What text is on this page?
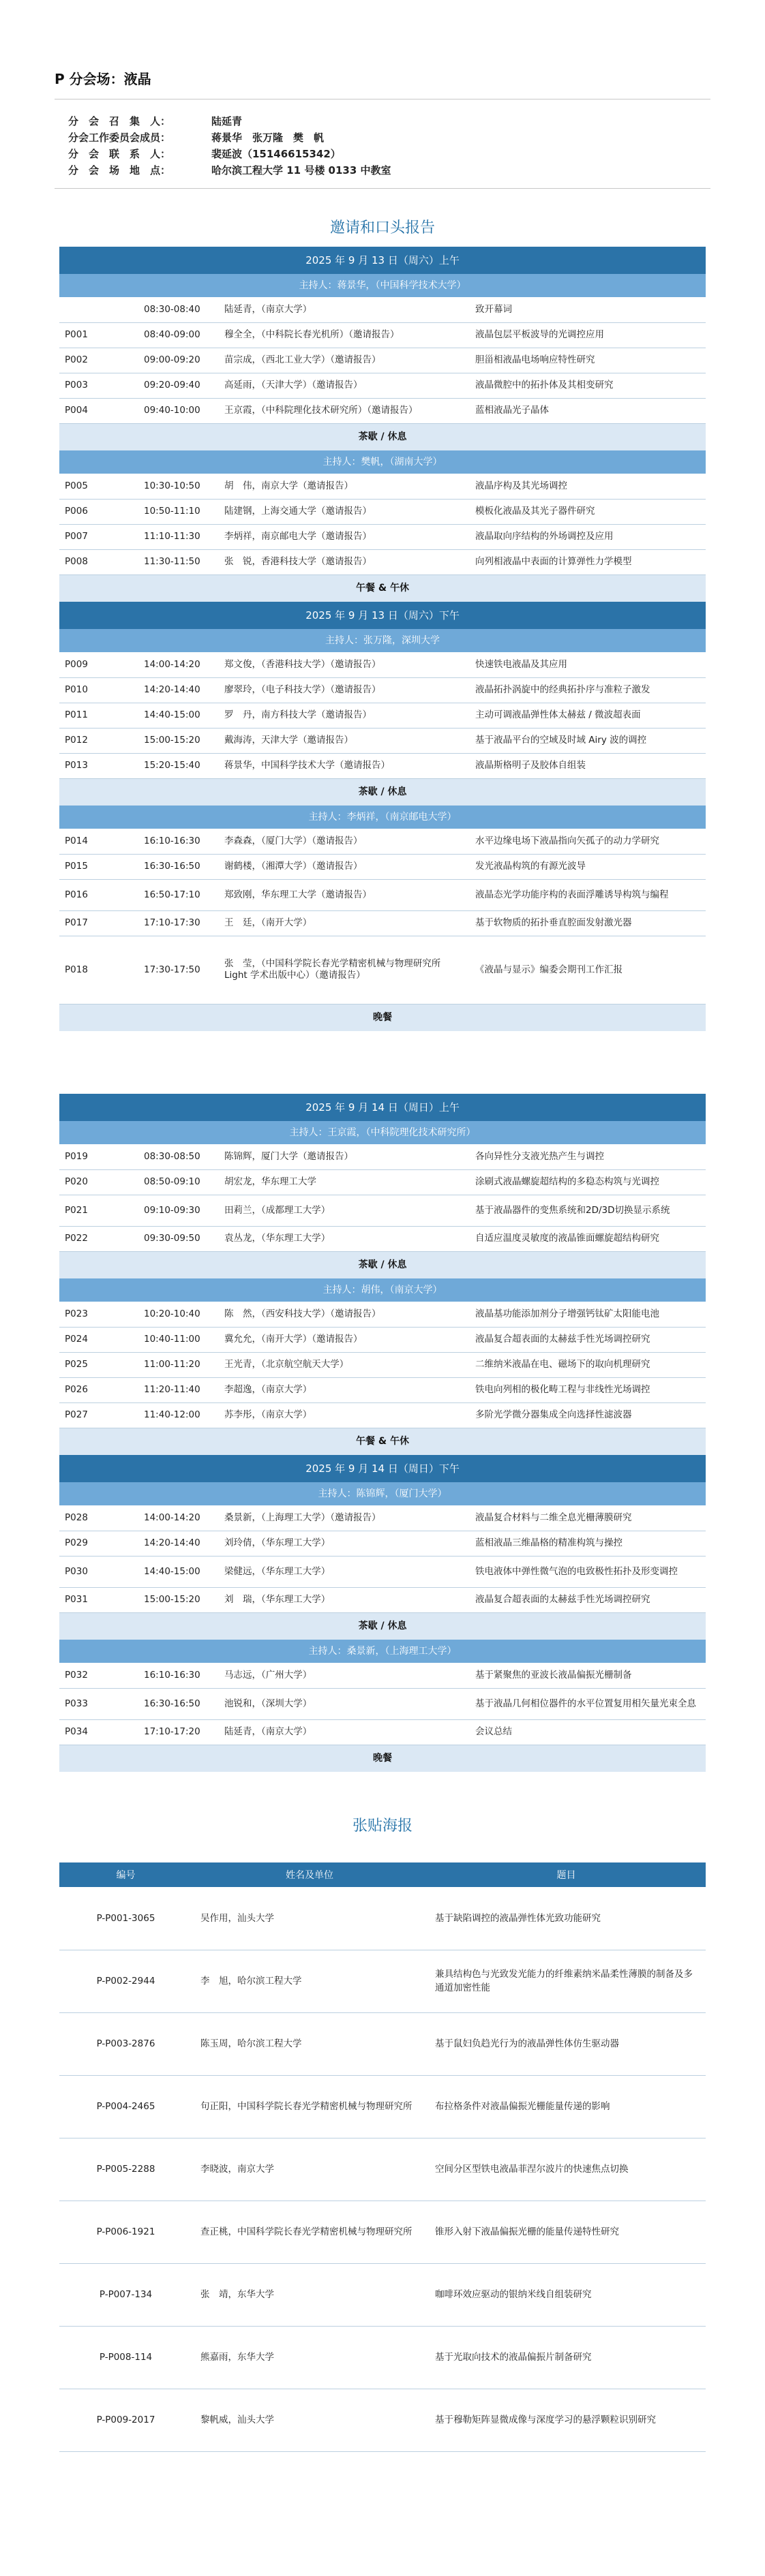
P 分会场：液晶
分　会　召　集　人：	陆延青
分会工作委员会成员：	蒋景华　张万隆　樊　帆
分　会　联　系　人：	裴延波（15146615342）
分　会　场　地　点：	哈尔滨工程大学 11 号楼 0133 中教室
邀请和口头报告
2025 年 9 月 13 日（周六）上午			
主持人：蒋景华，（中国科学技术大学）			
	08:30-08:40	陆延青，（南京大学）	致开幕词
P001	08:40-09:00	穆全全，（中科院长春光机所）（邀请报告）	液晶包层平板波导的光调控应用
P002	09:00-09:20	苗宗成，（西北工业大学）（邀请报告）	胆甾相液晶电场响应特性研究
P003	09:20-09:40	高延雨，（天津大学）（邀请报告）	液晶微腔中的拓扑体及其相变研究
P004	09:40-10:00	王京霞，（中科院理化技术研究所）（邀请报告）	蓝相液晶光子晶体
茶歇 / 休息			
主持人：樊帆，（湖南大学）			
P005	10:30-10:50	胡　伟，南京大学（邀请报告）	液晶序构及其光场调控
P006	10:50-11:10	陆建钢，上海交通大学（邀请报告）	模板化液晶及其光子器件研究
P007	11:10-11:30	李炳祥，南京邮电大学（邀请报告）	液晶取向序结构的外场调控及应用
P008	11:30-11:50	张　锐，香港科技大学（邀请报告）	向列相液晶中表面的计算弹性力学模型
午餐 & 午休			
2025 年 9 月 13 日（周六）下午			
主持人：张万隆，深圳大学			
P009	14:00-14:20	郑文俊，（香港科技大学）（邀请报告）	快速铁电液晶及其应用
P010	14:20-14:40	廖翠玲，（电子科技大学）（邀请报告）	液晶拓扑涡旋中的经典拓扑序与准粒子激发
P011	14:40-15:00	罗　丹，南方科技大学（邀请报告）	主动可调液晶弹性体太赫兹 / 微波超表面
P012	15:00-15:20	戴海涛，天津大学（邀请报告）	基于液晶平台的空域及时域 Airy 波的调控
P013	15:20-15:40	蒋景华，中国科学技术大学（邀请报告）	液晶斯格明子及胶体自组装
茶歇 / 休息			
主持人：李炳祥，（南京邮电大学）			
P014	16:10-16:30	李森森，（厦门大学）（邀请报告）	水平边缘电场下液晶指向矢孤子的动力学研究
P015	16:30-16:50	谢鹤楼，（湘潭大学）（邀请报告）	发光液晶构筑的有源光波导
P016	16:50-17:10	郑致刚，华东理工大学（邀请报告）	液晶态光学功能序构的表面浮雕诱导构筑与编程
P017	17:10-17:30	王　廷，（南开大学）	基于软物质的拓扑垂直腔面发射激光器
P018	17:30-17:50	张　莹，（中国科学院长春光学精密机械与物理研究所 Light 学术出版中心）（邀请报告）	《液晶与显示》编委会期刊工作汇报
晚餐			
2025 年 9 月 14 日（周日）上午			
主持人：王京霞，（中科院理化技术研究所）			
P019	08:30-08:50	陈锦辉，厦门大学（邀请报告）	各向异性分支液光热产生与调控
P020	08:50-09:10	胡宏龙，华东理工大学	涂刷式液晶螺旋超结构的多稳态构筑与光调控
P021	09:10-09:30	田莉兰，（成都理工大学）	基于液晶器件的变焦系统和2D/3D切换显示系统
P022	09:30-09:50	袁丛龙，（华东理工大学）	自适应温度灵敏度的液晶锥面螺旋超结构研究
茶歇 / 休息			
主持人：胡伟，（南京大学）			
P023	10:20-10:40	陈　然，（西安科技大学）（邀请报告）	液晶基功能添加剂分子增强钙钛矿太阳能电池
P024	10:40-11:00	冀允允，（南开大学）（邀请报告）	液晶复合超表面的太赫兹手性光场调控研究
P025	11:00-11:20	王光青，（北京航空航天大学）	二维纳米液晶在电、磁场下的取向机理研究
P026	11:20-11:40	李超逸，（南京大学）	铁电向列相的极化畴工程与非线性光场调控
P027	11:40-12:00	苏李彤，（南京大学）	多阶光学微分器集成全向选择性滤波器
午餐 & 午休			
2025 年 9 月 14 日（周日）下午			
主持人：陈锦辉，（厦门大学）			
P028	14:00-14:20	桑景新，（上海理工大学）（邀请报告）	液晶复合材料与二维全息光栅薄膜研究
P029	14:20-14:40	刘玲倩，（华东理工大学）	蓝相液晶三维晶格的精准构筑与操控
P030	14:40-15:00	梁健远，（华东理工大学）	铁电液体中弹性微气泡的电致极性拓扑及形变调控
P031	15:00-15:20	刘　瑞，（华东理工大学）	液晶复合超表面的太赫兹手性光场调控研究
茶歇 / 休息			
主持人：桑景新，（上海理工大学）			
P032	16:10-16:30	马志远，（广州大学）	基于紧聚焦的亚波长液晶偏振光栅制备
P033	16:30-16:50	池锐和，（深圳大学）	基于液晶几何相位器件的水平位置复用相矢量光束全息
P034	17:10-17:20	陆延青，（南京大学）	会议总结
晚餐			
张贴海报
编号	姓名及单位	题目
P-P001-3065	吴作用，汕头大学	基于缺陷调控的液晶弹性体光致功能研究
P-P002-2944	李　旭，哈尔滨工程大学	兼具结构色与光致发光能力的纤维素纳米晶柔性薄膜的制备及多通道加密性能
P-P003-2876	陈玉周，哈尔滨工程大学	基于鼠妇负趋光行为的液晶弹性体仿生驱动器
P-P004-2465	句正阳，中国科学院长春光学精密机械与物理研究所	布拉格条件对液晶偏振光栅能量传递的影响
P-P005-2288	李晓波，南京大学	空间分区型铁电液晶菲涅尔波片的快速焦点切换
P-P006-1921	查正桃，中国科学院长春光学精密机械与物理研究所	锥形入射下液晶偏振光栅的能量传递特性研究
P-P007-134	张　靖，东华大学	咖啡环效应驱动的银纳米线自组装研究
P-P008-114	熊嘉雨，东华大学	基于光取向技术的液晶偏振片制备研究
P-P009-2017	黎帆威，汕头大学	基于穆勒矩阵显微成像与深度学习的悬浮颗粒识别研究
